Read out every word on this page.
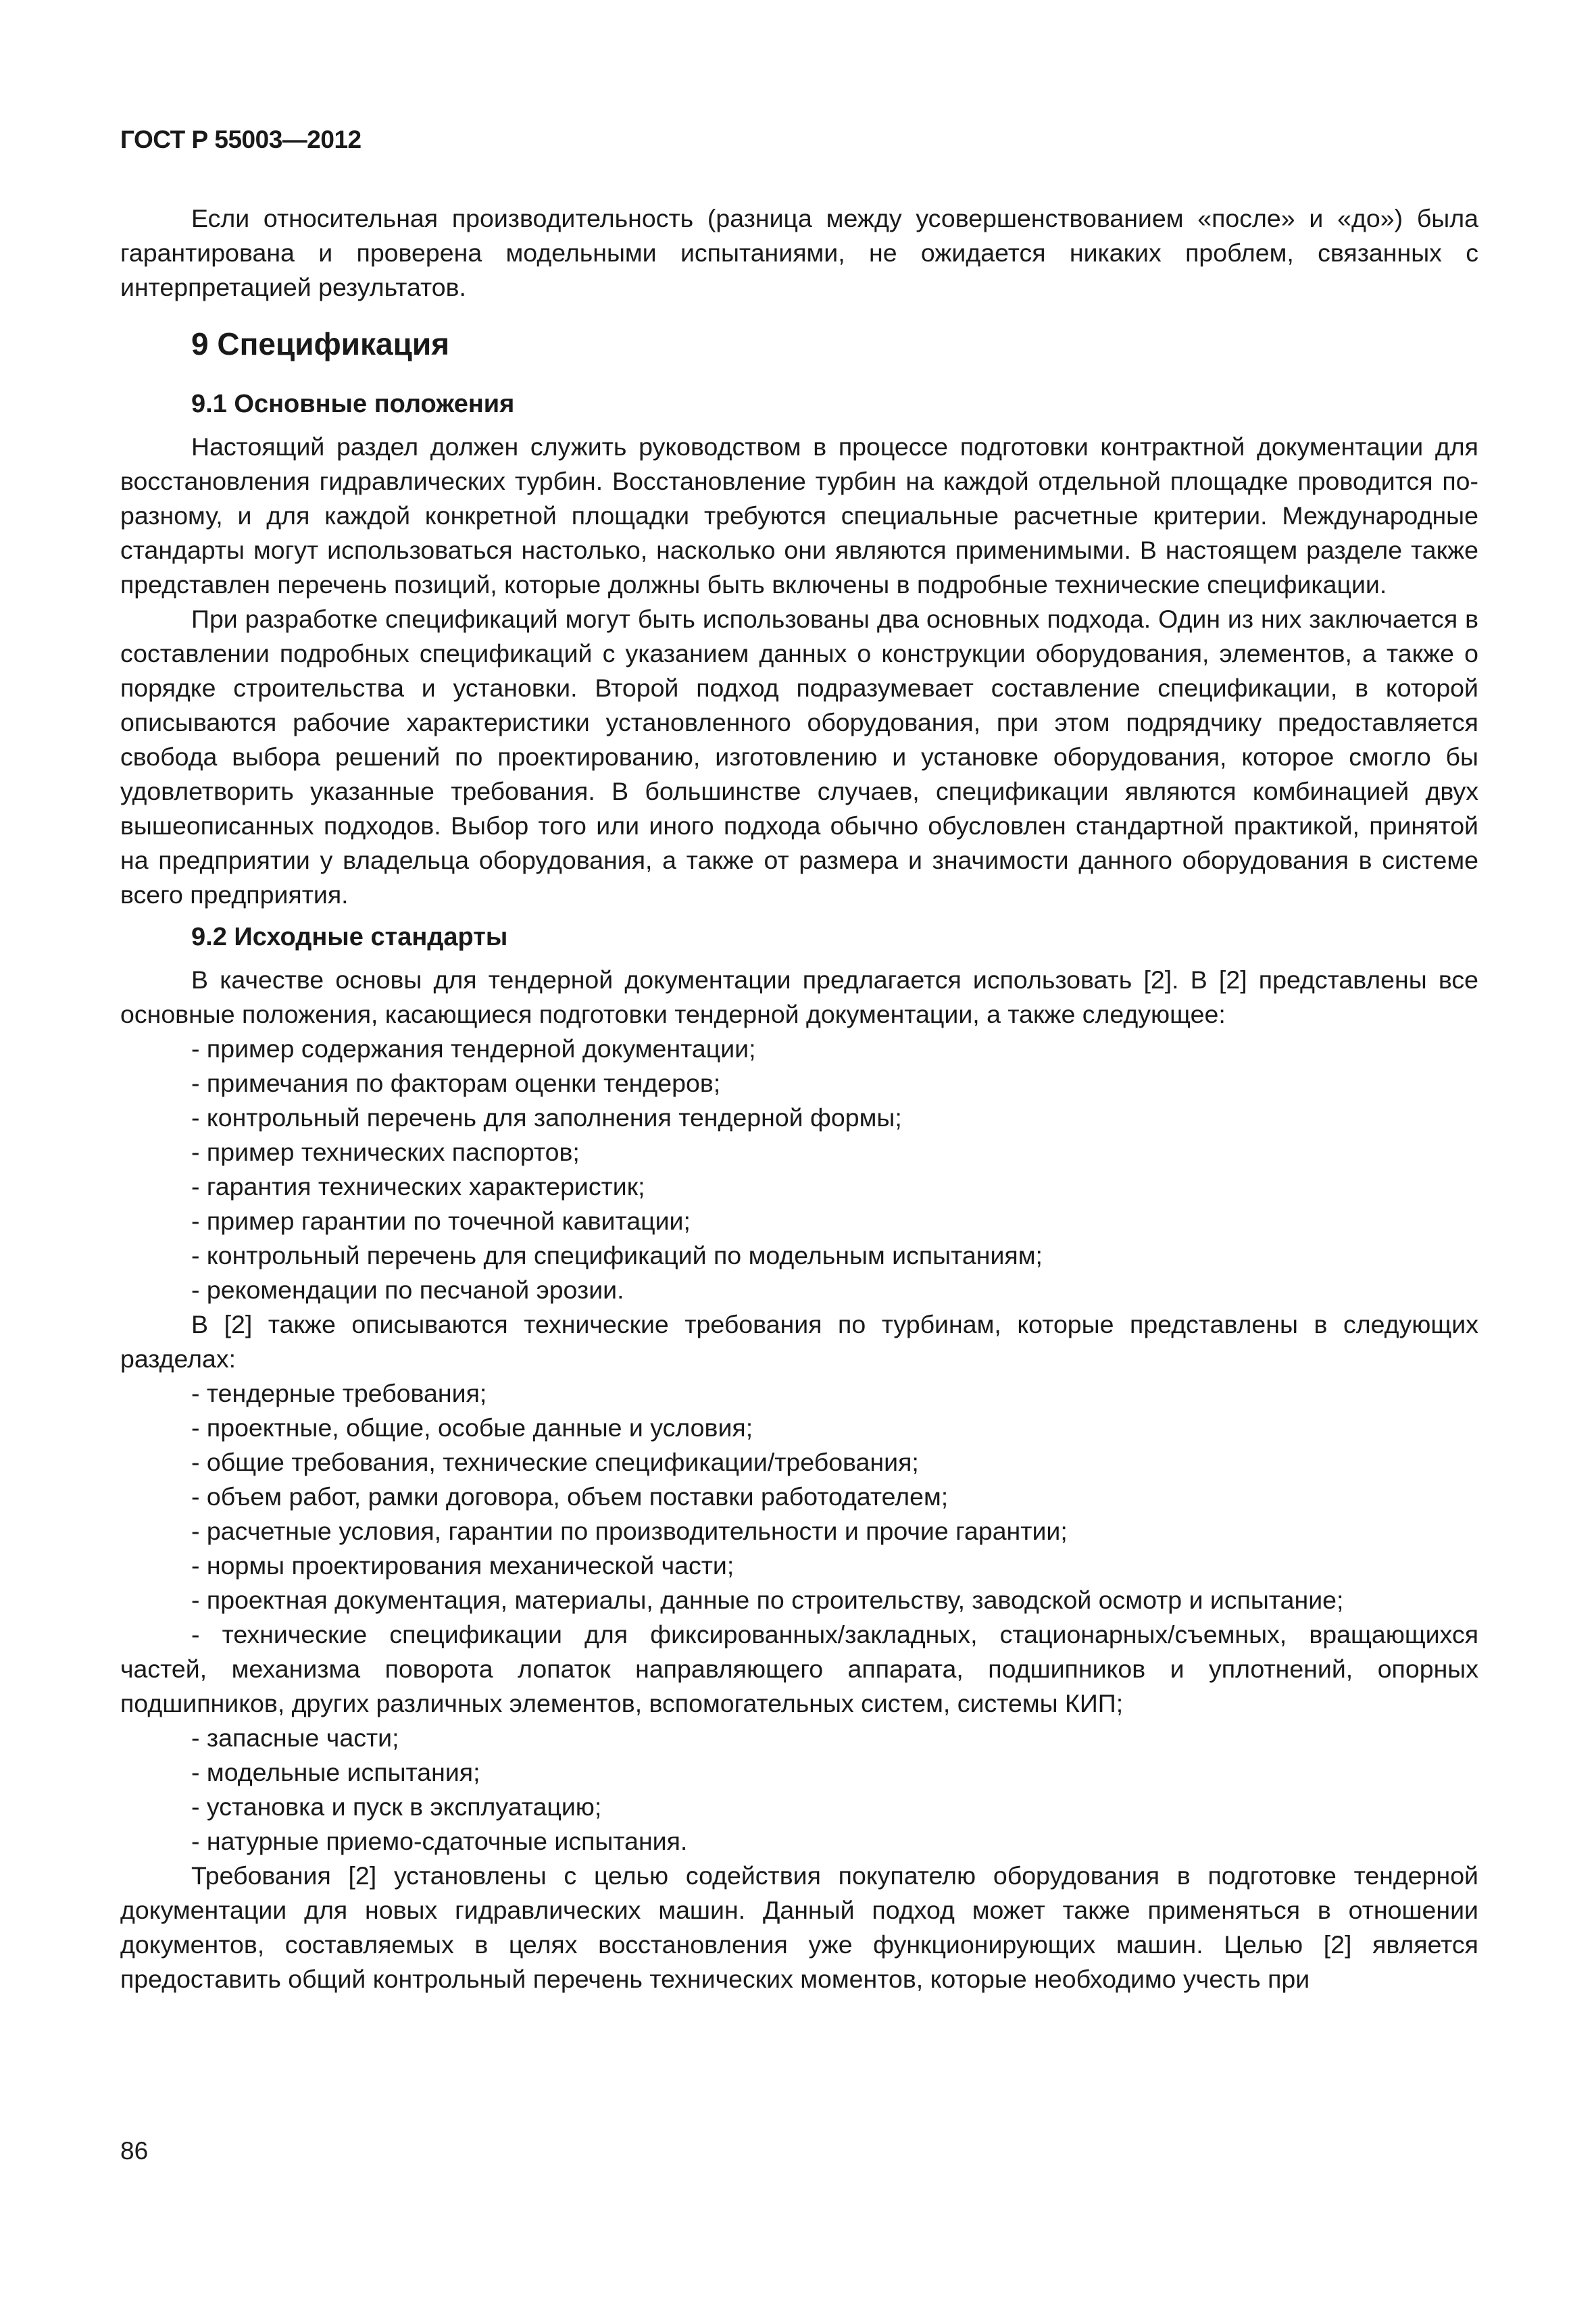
ГОСТ Р 55003—2012

Если относительная производительность (разница между усовершенствованием «после» и «до») была гарантирована и проверена модельными испытаниями, не ожидается никаких проблем, связанных с интерпретацией результатов.

9 Спецификация
9.1 Основные положения

Настоящий раздел должен служить руководством в процессе подготовки контрактной документации для восстановления гидравлических турбин. Восстановление турбин на каждой отдельной площадке проводится по-разному, и для каждой конкретной площадки требуются специальные расчетные критерии. Международные стандарты могут использоваться настолько, насколько они являются применимыми. В настоящем разделе также представлен перечень позиций, которые должны быть включены в подробные технические спецификации.

При разработке спецификаций могут быть использованы два основных подхода. Один из них заключается в составлении подробных спецификаций с указанием данных о конструкции оборудования, элементов, а также о порядке строительства и установки. Второй подход подразумевает составление спецификации, в которой описываются рабочие характеристики установленного оборудования, при этом подрядчику предоставляется свобода выбора решений по проектированию, изготовлению и установке оборудования, которое смогло бы удовлетворить указанные требования. В большинстве случаев, спецификации являются комбинацией двух вышеописанных подходов. Выбор того или иного подхода обычно обусловлен стандартной практикой, принятой на предприятии у владельца оборудования, а также от размера и значимости данного оборудования в системе всего предприятия.

9.2 Исходные стандарты

В качестве основы для тендерной документации предлагается использовать [2]. В [2] представлены все основные положения, касающиеся подготовки тендерной документации, а также следующее:

- пример содержания тендерной документации;

- примечания по факторам оценки тендеров;

- контрольный перечень для заполнения тендерной формы;

- пример технических паспортов;

- гарантия технических характеристик;

- пример гарантии по точечной кавитации;

- контрольный перечень для спецификаций по модельным испытаниям;

- рекомендации по песчаной эрозии.

В [2] также описываются технические требования по турбинам, которые представлены в следующих разделах:

- тендерные требования;

- проектные, общие, особые данные и условия;

- общие требования, технические спецификации/требования;

- объем работ, рамки договора, объем поставки работодателем;

- расчетные условия, гарантии по производительности и прочие гарантии;

- нормы проектирования механической части;

- проектная документация, материалы, данные по строительству, заводской осмотр и испытание;

- технические спецификации для фиксированных/закладных, стационарных/съемных, вращающихся частей, механизма поворота лопаток направляющего аппарата, подшипников и уплотнений, опорных подшипников, других различных элементов, вспомогательных систем, системы КИП;

- запасные части;

- модельные испытания;

- установка и пуск в эксплуатацию;

- натурные приемо-сдаточные испытания.

Требования [2] установлены с целью содействия покупателю оборудования в подготовке тендерной документации для новых гидравлических машин. Данный подход может также применяться в отношении документов, составляемых в целях восстановления уже функционирующих машин. Целью [2] является предоставить общий контрольный перечень технических моментов, которые необходимо учесть при

86
